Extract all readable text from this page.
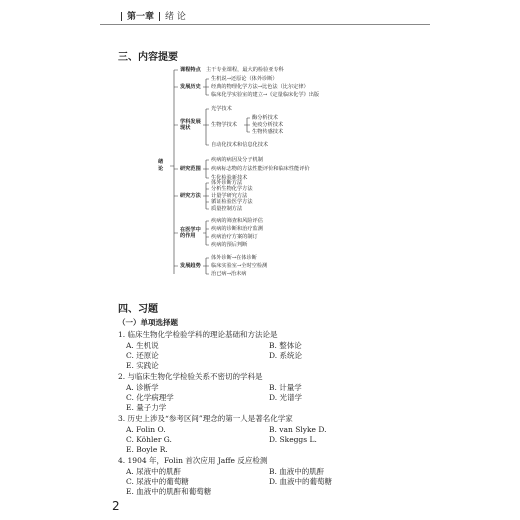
第一章 绪 论
三、内容提要
绪论
课程特点 主干专业课程，最大的检验亚专科
发展历史
生机说→还原论（体外诊断）
经典的物理化学方法→比色法（比尔定律）
临床化学实验室的建立→《定量临床化学》出版
学科发展现状
光学技术
生物学技术
酶分析技术
免疫分析技术
生物传感技术
自动化技术和信息化技术
研究范围
疾病的病因及分子机制
疾病标志物的方法性能评价和临床性能评价
生化检验新技术
研究方法
体外诊断方法
分析生物化学方法
计量学研究方法
循证检验医学方法
质量控制方法
在医学中的作用
疾病的筛查和风险评估
疾病的诊断和治疗监测
疾病治疗方案的制订
疾病的预后判断
发展趋势
体外诊断→在体诊断
临床实验室→全时空检测
治已病→治未病
四、习题
（一）单项选择题
1. 临床生物化学检验学科的理论基础和方法论是
A. 生机说	B. 整体论
C. 还原论	D. 系统论
E. 实践论
2. 与临床生物化学检验关系不密切的学科是
A. 诊断学	B. 计量学
C. 化学病理学	D. 光谱学
E. 量子力学
3. 历史上涉及“参考区间”理念的第一人是著名化学家
A. Folin O.	B. van Slyke D.
C. Köhler G.	D. Skeggs L.
E. Boyle R.
4. 1904 年，Folin 首次应用 Jaffe 反应检测
A. 尿液中的肌酐	B. 血液中的肌酐
C. 尿液中的葡萄糖	D. 血液中的葡萄糖
E. 血液中的肌酐和葡萄糖
2
